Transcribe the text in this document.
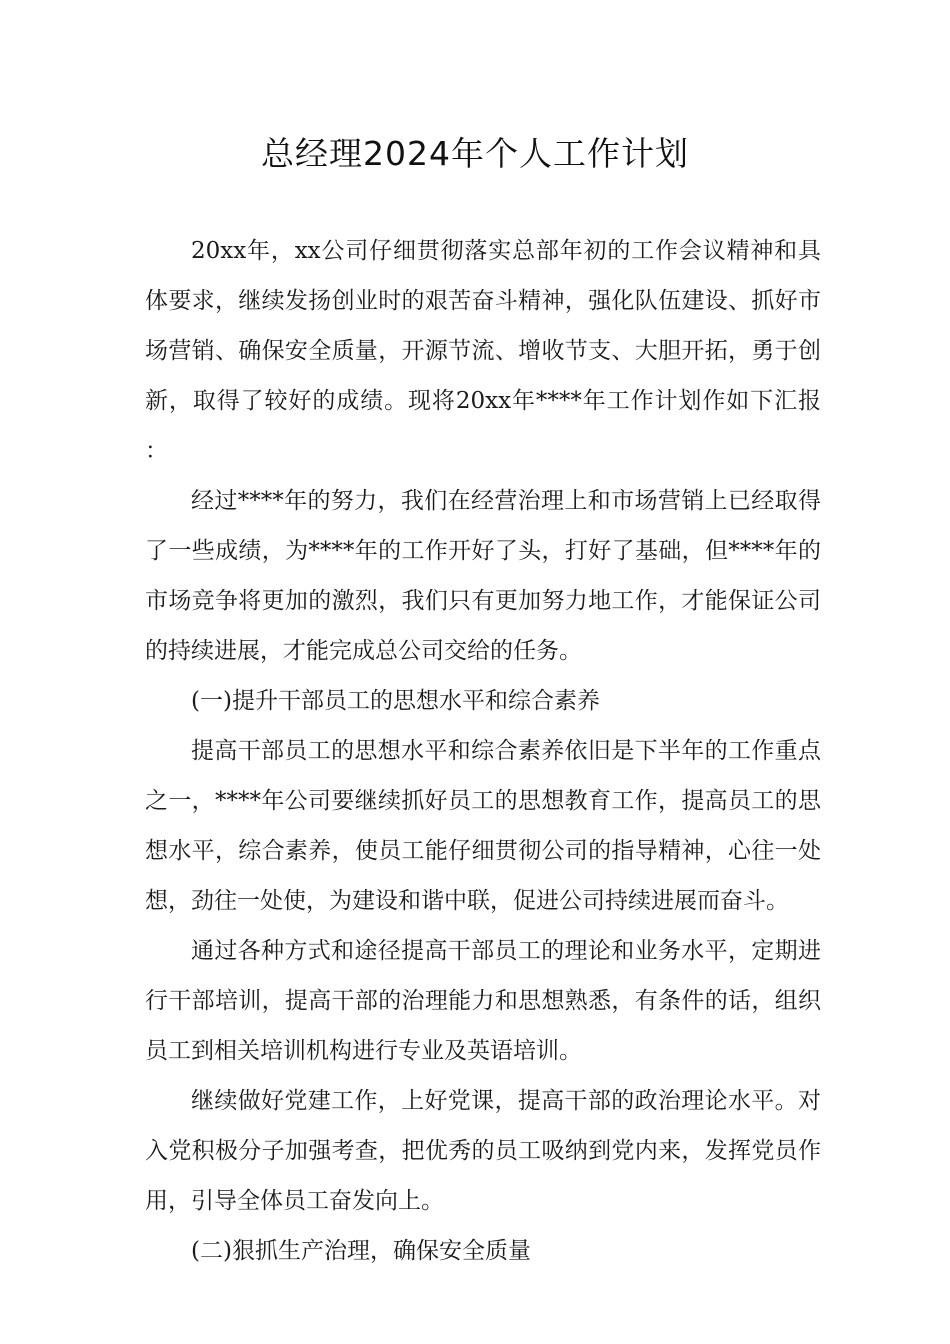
总经理2024年个人工作计划

20xx年，xx公司仔细贯彻落实总部年初的工作会议精神和具体要求，继续发扬创业时的艰苦奋斗精神，强化队伍建设、抓好市场营销、确保安全质量，开源节流、增收节支、大胆开拓，勇于创新，取得了较好的成绩。现将20xx年****年工作计划作如下汇报：

经过****年的努力，我们在经营治理上和市场营销上已经取得了一些成绩，为****年的工作开好了头，打好了基础，但****年的市场竞争将更加的激烈，我们只有更加努力地工作，才能保证公司的持续进展，才能完成总公司交给的任务。

(一)提升干部员工的思想水平和综合素养

提高干部员工的思想水平和综合素养依旧是下半年的工作重点之一，****年公司要继续抓好员工的思想教育工作，提高员工的思想水平，综合素养，使员工能仔细贯彻公司的指导精神，心往一处想，劲往一处使，为建设和谐中联，促进公司持续进展而奋斗。

通过各种方式和途径提高干部员工的理论和业务水平，定期进行干部培训，提高干部的治理能力和思想熟悉，有条件的话，组织员工到相关培训机构进行专业及英语培训。

继续做好党建工作，上好党课，提高干部的政治理论水平。对入党积极分子加强考查，把优秀的员工吸纳到党内来，发挥党员作用，引导全体员工奋发向上。

(二)狠抓生产治理，确保安全质量
